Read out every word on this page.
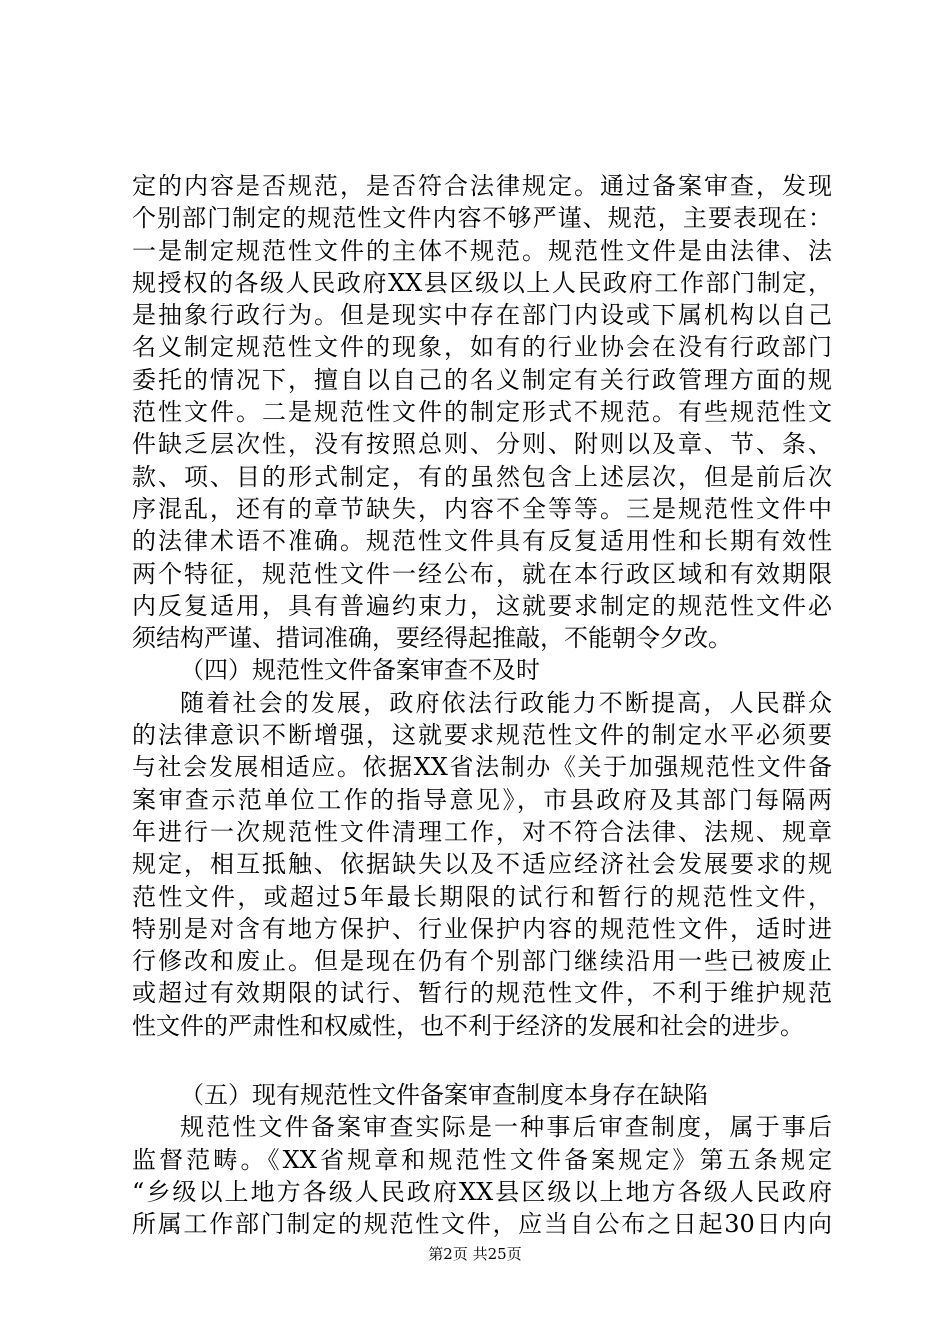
定的内容是否规范，是否符合法律规定。通过备案审查，发现
个别部门制定的规范性文件内容不够严谨、规范，主要表现在：
一是制定规范性文件的主体不规范。规范性文件是由法律、法
规授权的各级人民政府XX县区级以上人民政府工作部门制定，
是抽象行政行为。但是现实中存在部门内设或下属机构以自己
名义制定规范性文件的现象，如有的行业协会在没有行政部门
委托的情况下，擅自以自己的名义制定有关行政管理方面的规
范性文件。二是规范性文件的制定形式不规范。有些规范性文
件缺乏层次性，没有按照总则、分则、附则以及章、节、条、
款、项、目的形式制定，有的虽然包含上述层次，但是前后次
序混乱，还有的章节缺失，内容不全等等。三是规范性文件中
的法律术语不准确。规范性文件具有反复适用性和长期有效性
两个特征，规范性文件一经公布，就在本行政区域和有效期限
内反复适用，具有普遍约束力，这就要求制定的规范性文件必
须结构严谨、措词准确，要经得起推敲，不能朝令夕改。
（四）规范性文件备案审查不及时
随着社会的发展，政府依法行政能力不断提高，人民群众
的法律意识不断增强，这就要求规范性文件的制定水平必须要
与社会发展相适应。依据XX省法制办《关于加强规范性文件备
案审查示范单位工作的指导意见》，市县政府及其部门每隔两
年进行一次规范性文件清理工作，对不符合法律、法规、规章
规定，相互抵触、依据缺失以及不适应经济社会发展要求的规
范性文件，或超过5年最长期限的试行和暂行的规范性文件，
特别是对含有地方保护、行业保护内容的规范性文件，适时进
行修改和废止。但是现在仍有个别部门继续沿用一些已被废止
或超过有效期限的试行、暂行的规范性文件，不利于维护规范
性文件的严肃性和权威性，也不利于经济的发展和社会的进步。
（五）现有规范性文件备案审查制度本身存在缺陷
规范性文件备案审查实际是一种事后审查制度，属于事后
监督范畴。《XX省规章和规范性文件备案规定》第五条规定
“乡级以上地方各级人民政府XX县区级以上地方各级人民政府
所属工作部门制定的规范性文件，应当自公布之日起30日内向
第2页 共25页
